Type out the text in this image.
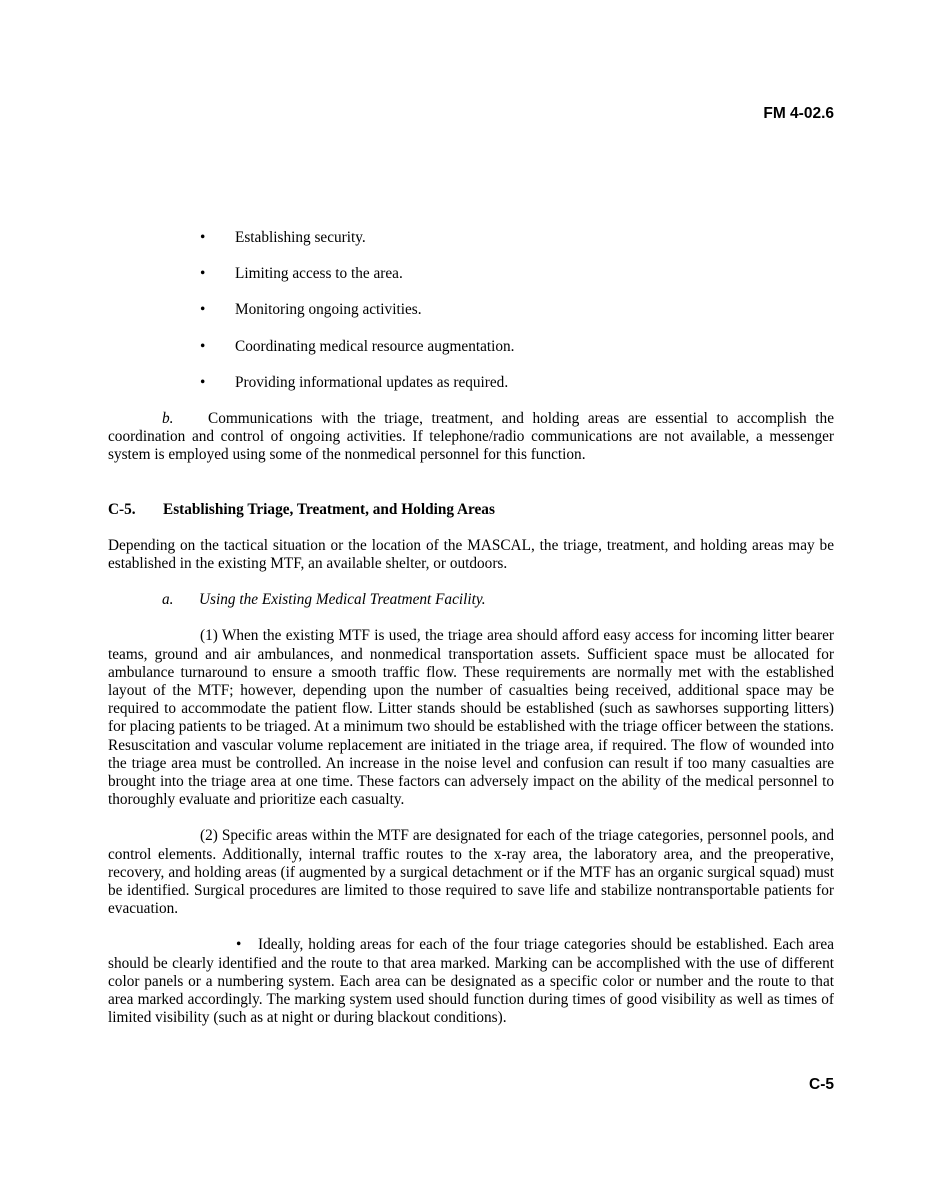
FM 4-02.6
• Establishing security.
• Limiting access to the area.
• Monitoring ongoing activities.
• Coordinating medical resource augmentation.
• Providing informational updates as required.

b. Communications with the triage, treatment, and holding areas are essential to accomplish the coordination and control of ongoing activities. If telephone/radio communications are not available, a messenger system is employed using some of the nonmedical personnel for this function.

C-5. Establishing Triage, Treatment, and Holding Areas

Depending on the tactical situation or the location of the MASCAL, the triage, treatment, and holding areas may be established in the existing MTF, an available shelter, or outdoors.

a. Using the Existing Medical Treatment Facility.

(1) When the existing MTF is used, the triage area should afford easy access for incoming litter bearer teams, ground and air ambulances, and nonmedical transportation assets. Sufficient space must be allocated for ambulance turnaround to ensure a smooth traffic flow. These requirements are normally met with the established layout of the MTF; however, depending upon the number of casualties being received, additional space may be required to accommodate the patient flow. Litter stands should be established (such as sawhorses supporting litters) for placing patients to be triaged. At a minimum two should be established with the triage officer between the stations. Resuscitation and vascular volume replacement are initiated in the triage area, if required. The flow of wounded into the triage area must be controlled. An increase in the noise level and confusion can result if too many casualties are brought into the triage area at one time. These factors can adversely impact on the ability of the medical personnel to thoroughly evaluate and prioritize each casualty.

(2) Specific areas within the MTF are designated for each of the triage categories, personnel pools, and control elements. Additionally, internal traffic routes to the x-ray area, the laboratory area, and the preoperative, recovery, and holding areas (if augmented by a surgical detachment or if the MTF has an organic surgical squad) must be identified. Surgical procedures are limited to those required to save life and stabilize nontransportable patients for evacuation.

• Ideally, holding areas for each of the four triage categories should be established. Each area should be clearly identified and the route to that area marked. Marking can be accomplished with the use of different color panels or a numbering system. Each area can be designated as a specific color or number and the route to that area marked accordingly. The marking system used should function during times of good visibility as well as times of limited visibility (such as at night or during blackout conditions).

C-5
